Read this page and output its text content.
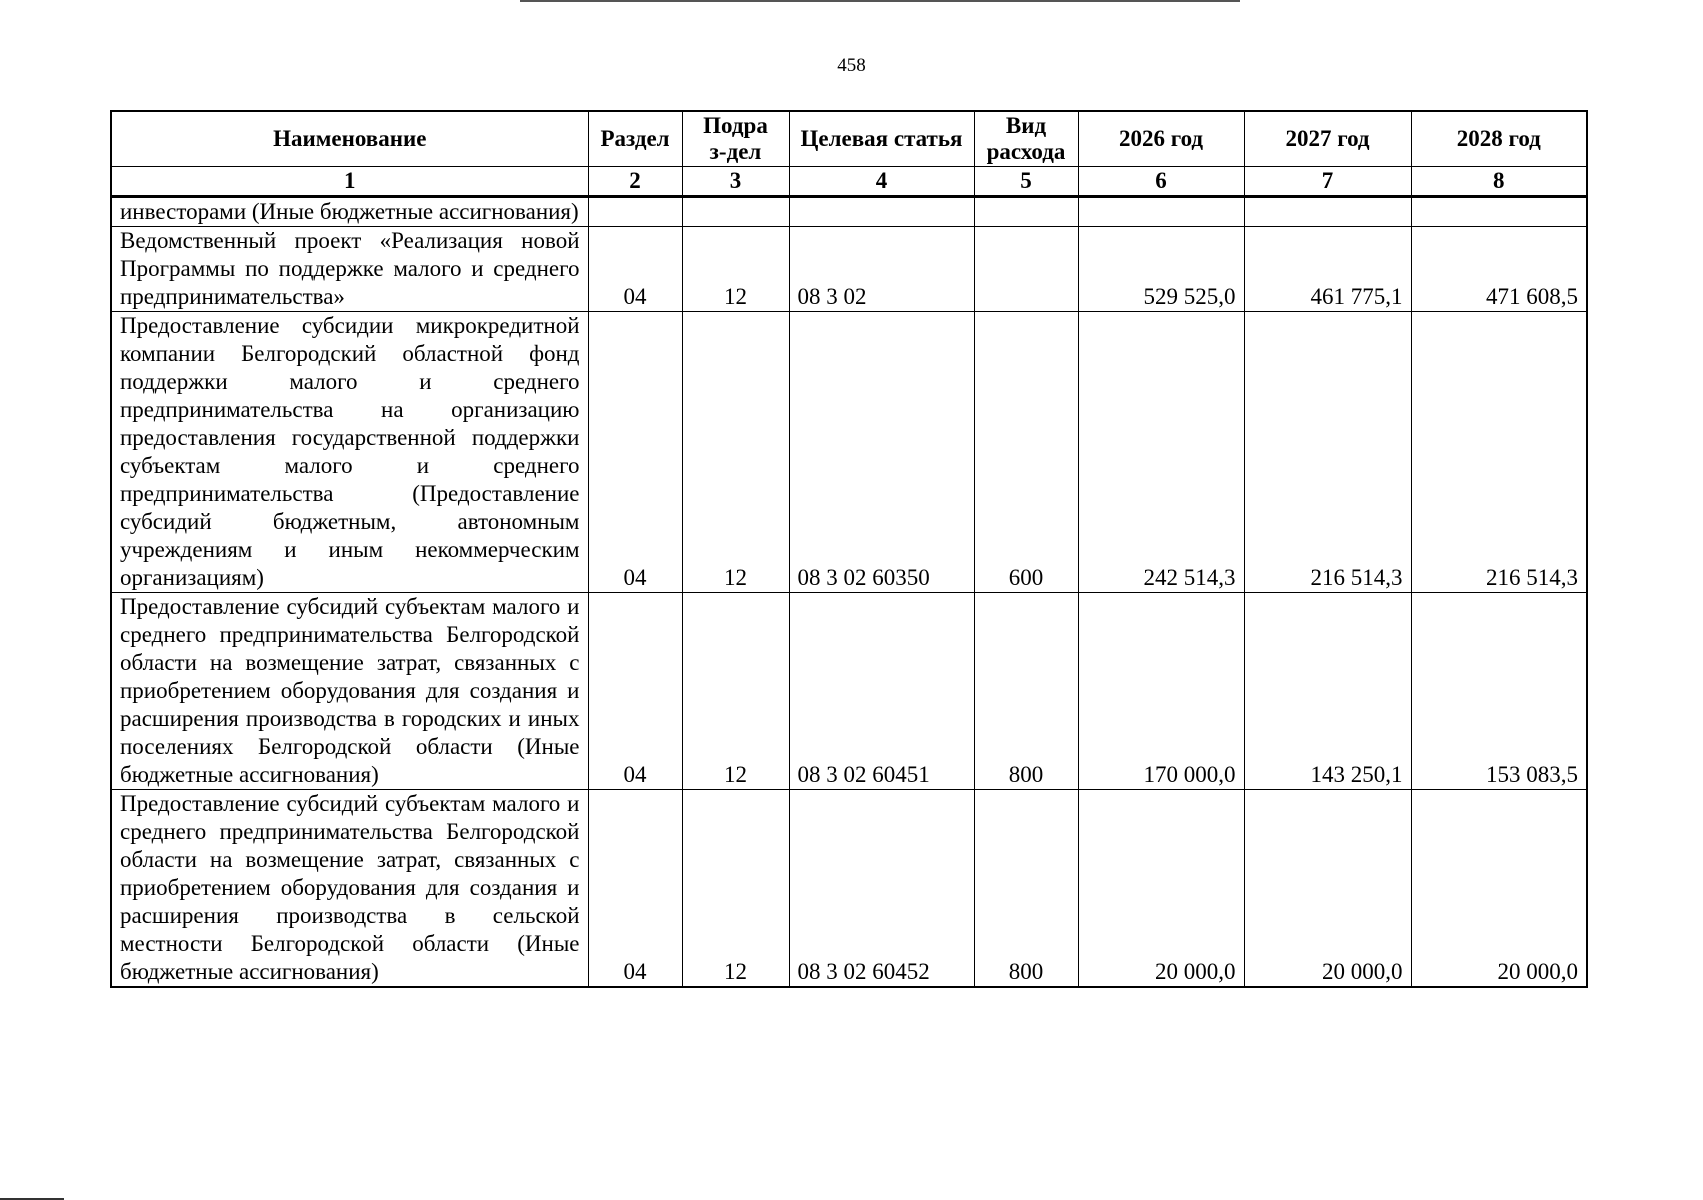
458
Наименование	Раздел	Подраз-дел	Целевая статья	Вид расхода	2026 год	2027 год	2028 год
1	2	3	4	5	6	7	8
инвесторами (Иные бюджетные ассигнования)							
Ведомственный проект «Реализация новой Программы по поддержке малого и среднего предпринимательства»	04	12	08 3 02		529 525,0	461 775,1	471 608,5
Предоставление субсидии микрокредитной компании Белгородский областной фонд поддержки малого и среднего предпринимательства на организацию предоставления государственной поддержки субъектам малого и среднего предпринимательства (Предоставление субсидий бюджетным, автономным учреждениям и иным некоммерческим организациям)	04	12	08 3 02 60350	600	242 514,3	216 514,3	216 514,3
Предоставление субсидий субъектам малого и среднего предпринимательства Белгородской области на возмещение затрат, связанных с приобретением оборудования для создания и расширения производства в городских и иных поселениях Белгородской области (Иные бюджетные ассигнования)	04	12	08 3 02 60451	800	170 000,0	143 250,1	153 083,5
Предоставление субсидий субъектам малого и среднего предпринимательства Белгородской области на возмещение затрат, связанных с приобретением оборудования для создания и расширения производства в сельской местности Белгородской области (Иные бюджетные ассигнования)	04	12	08 3 02 60452	800	20 000,0	20 000,0	20 000,0
